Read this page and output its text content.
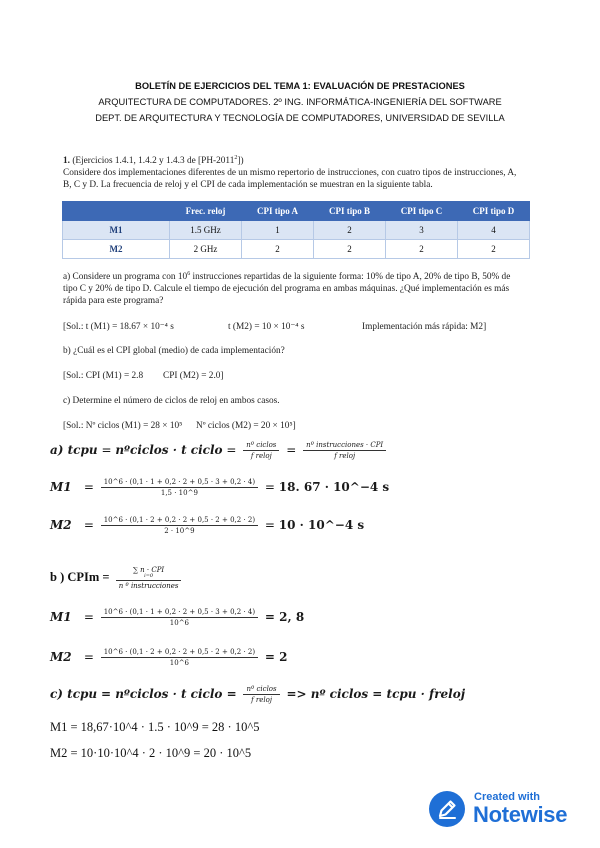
BOLETÍN DE EJERCICIOS DEL TEMA 1: EVALUACIÓN DE PRESTACIONES
ARQUITECTURA DE COMPUTADORES. 2º ING. INFORMÁTICA-INGENIERÍA DEL SOFTWARE
DEPT. DE ARQUITECTURA Y TECNOLOGÍA DE COMPUTADORES, UNIVERSIDAD DE SEVILLA
1. (Ejercicios 1.4.1, 1.4.2 y 1.4.3 de [PH-2011$^2$])
Considere dos implementaciones diferentes de un mismo repertorio de instrucciones, con cuatro tipos de instrucciones, A, B, C y D. La frecuencia de reloj y el CPI de cada implementación se muestran en la siguiente tabla.
	Frec. reloj	CPI tipo A	CPI tipo B	CPI tipo C	CPI tipo D
M1	1.5 GHz	1	2	3	4
M2	2 GHz	2	2	2	2
a) Considere un programa con $10^6$ instrucciones repartidas de la siguiente forma: 10% de tipo A, 20% de tipo B, 50% de tipo C y 20% de tipo D. Calcule el tiempo de ejecución del programa en ambas máquinas. ¿Qué implementación es más rápida para este programa?
[Sol.: t (M1) = 18.67 × 10⁻⁴ s	t (M2) = 10 × 10⁻⁴ s	Implementación más rápida: M2]
b) ¿Cuál es el CPI global (medio) de cada implementación?
[Sol.: CPI (M1) = 2.8 CPI (M2) = 2.0]
c) Determine el número de ciclos de reloj en ambos casos.
[Sol.: Nº ciclos (M1) = 28 × 10⁵ Nº ciclos (M2) = 20 × 10⁵]
a) tcpu = nºciclos · t ciclo = $\frac{\text{nº ciclos}}{\text{f reloj}} = \frac{\text{nº instrucciones · CPI}}{\text{f reloj}}$
$M1 = \frac{10\^{}6 \cdot (0,1 \cdot 1 + 0,2 \cdot 2 + 0,5 \cdot 3 + 0,2 \cdot 4)}{1,5 \cdot 10\^{}9} = 18$. 67 · 10^−4 s
$M2 = \frac{10\^{}6 \cdot (0,1 \cdot 2 + 0,2 \cdot 2 + 0,5 \cdot 2 + 0,2 \cdot 2)}{2 \cdot 10\^{}9} = 10$ · 10^−4 s
b ) CPIm = ∑ n · CPI
i=0
n º instrucciones
$M1 = \frac{10\^{}6 \cdot (0,1 \cdot 1 + 0,2 \cdot 2 + 0,5 \cdot 3 + 0,2 \cdot 4)}{10\^{}6} = 2$, 8
$M2 = \frac{10\^{}6 \cdot (0,1 \cdot 2 + 0,2 \cdot 2 + 0,5 \cdot 2 + 0,2 \cdot 2)}{10\^{}6} = 2$
c) tcpu = nºciclos · t ciclo = $\frac{\text{nº ciclos}}{\text{f reloj}}$ => nº ciclos = tcpu · freloj
M1 = 18,67·10^4 · 1.5 · 10^9 = 28 · 10^5
M2 = 10·10·10^4 · 2 · 10^9 = 20 · 10^5
Created with
Notewise
